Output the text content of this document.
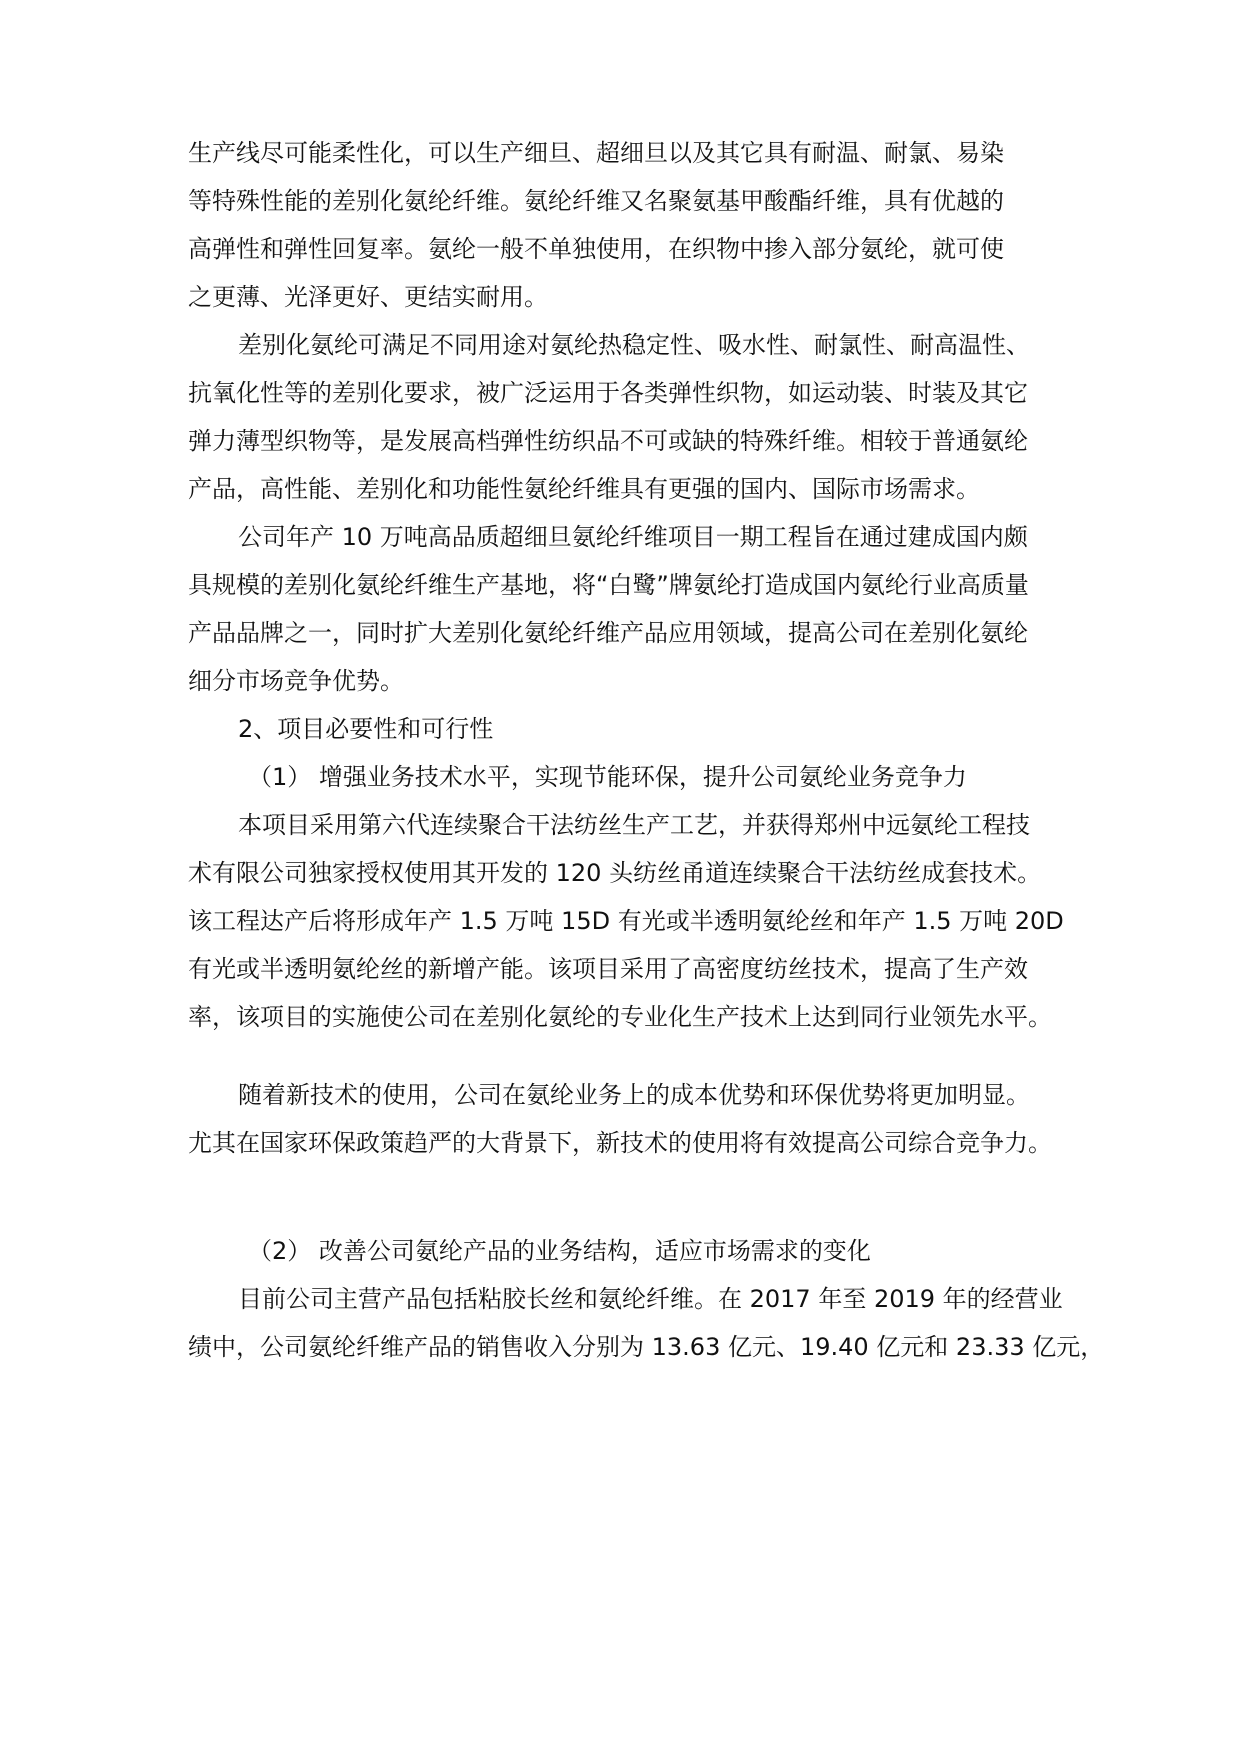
生产线尽可能柔性化，可以生产细旦、超细旦以及其它具有耐温、耐氯、易染
等特殊性能的差别化氨纶纤维。氨纶纤维又名聚氨基甲酸酯纤维，具有优越的
高弹性和弹性回复率。氨纶一般不单独使用，在织物中掺入部分氨纶，就可使
之更薄、光泽更好、更结实耐用。
差别化氨纶可满足不同用途对氨纶热稳定性、吸水性、耐氯性、耐高温性、
抗氧化性等的差别化要求，被广泛运用于各类弹性织物，如运动装、时装及其它
弹力薄型织物等，是发展高档弹性纺织品不可或缺的特殊纤维。相较于普通氨纶
产品，高性能、差别化和功能性氨纶纤维具有更强的国内、国际市场需求。
公司年产 10 万吨高品质超细旦氨纶纤维项目一期工程旨在通过建成国内颇
具规模的差别化氨纶纤维生产基地，将“白鹭”牌氨纶打造成国内氨纶行业高质量
产品品牌之一，同时扩大差别化氨纶纤维产品应用领域，提高公司在差别化氨纶
细分市场竞争优势。
2、项目必要性和可行性
（1） 增强业务技术水平，实现节能环保，提升公司氨纶业务竞争力
本项目采用第六代连续聚合干法纺丝生产工艺，并获得郑州中远氨纶工程技
术有限公司独家授权使用其开发的 120 头纺丝甬道连续聚合干法纺丝成套技术。
该工程达产后将形成年产 1.5 万吨 15D 有光或半透明氨纶丝和年产 1.5 万吨 20D
有光或半透明氨纶丝的新增产能。该项目采用了高密度纺丝技术，提高了生产效
率，该项目的实施使公司在差别化氨纶的专业化生产技术上达到同行业领先水平。
随着新技术的使用，公司在氨纶业务上的成本优势和环保优势将更加明显。
尤其在国家环保政策趋严的大背景下，新技术的使用将有效提高公司综合竞争力。
（2） 改善公司氨纶产品的业务结构，适应市场需求的变化
目前公司主营产品包括粘胶长丝和氨纶纤维。在 2017 年至 2019 年的经营业
绩中，公司氨纶纤维产品的销售收入分别为 13.63 亿元、19.40 亿元和 23.33 亿元，
